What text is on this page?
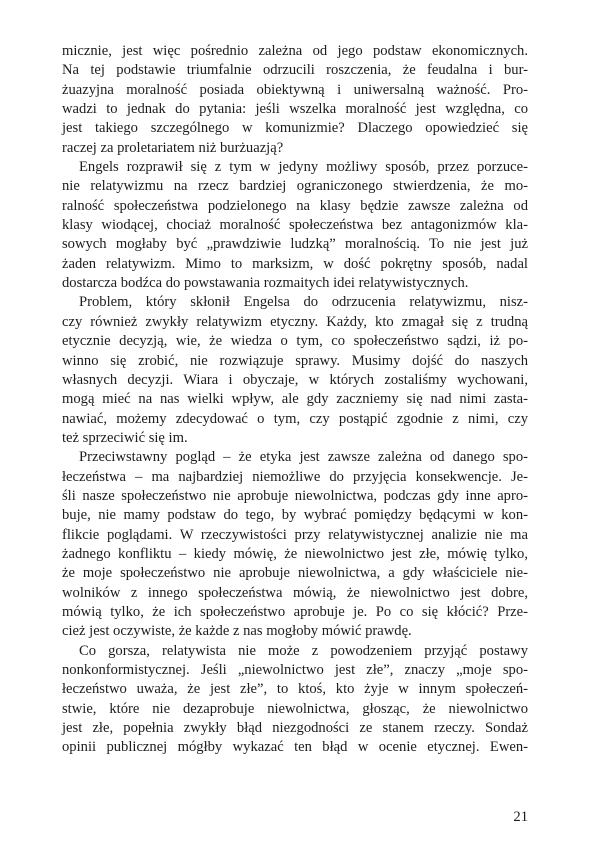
micznie, jest więc pośrednio zależna od jego podstaw ekonomicznych.
Na tej podstawie triumfalnie odrzucili roszczenia, że feudalna i bur-
żuazyjna moralność posiada obiektywną i uniwersalną ważność. Pro-
wadzi to jednak do pytania: jeśli wszelka moralność jest względna, co
jest takiego szczególnego w komunizmie? Dlaczego opowiedzieć się
raczej za proletariatem niż burżuazją?

Engels rozprawił się z tym w jedyny możliwy sposób, przez porzuce-
nie relatywizmu na rzecz bardziej ograniczonego stwierdzenia, że mo-
ralność społeczeństwa podzielonego na klasy będzie zawsze zależna od
klasy wiodącej, chociaż moralność społeczeństwa bez antagonizmów kla-
sowych mogłaby być „prawdziwie ludzką” moralnością. To nie jest już
żaden relatywizm. Mimo to marksizm, w dość pokrętny sposób, nadal
dostarcza bodźca do powstawania rozmaitych idei relatywistycznych.

Problem, który skłonił Engelsa do odrzucenia relatywizmu, nisz-
czy również zwykły relatywizm etyczny. Każdy, kto zmagał się z trudną
etycznie decyzją, wie, że wiedza o tym, co społeczeństwo sądzi, iż po-
winno się zrobić, nie rozwiązuje sprawy. Musimy dojść do naszych
własnych decyzji. Wiara i obyczaje, w których zostaliśmy wychowani,
mogą mieć na nas wielki wpływ, ale gdy zaczniemy się nad nimi zasta-
nawiać, możemy zdecydować o tym, czy postąpić zgodnie z nimi, czy
też sprzeciwić się im.

Przeciwstawny pogląd – że etyka jest zawsze zależna od danego spo-
łeczeństwa – ma najbardziej niemożliwe do przyjęcia konsekwencje. Je-
śli nasze społeczeństwo nie aprobuje niewolnictwa, podczas gdy inne apro-
buje, nie mamy podstaw do tego, by wybrać pomiędzy będącymi w kon-
flikcie poglądami. W rzeczywistości przy relatywistycznej analizie nie ma
żadnego konfliktu – kiedy mówię, że niewolnictwo jest złe, mówię tylko,
że moje społeczeństwo nie aprobuje niewolnictwa, a gdy właściciele nie-
wolników z innego społeczeństwa mówią, że niewolnictwo jest dobre,
mówią tylko, że ich społeczeństwo aprobuje je. Po co się kłócić? Prze-
cież jest oczywiste, że każde z nas mogłoby mówić prawdę.

Co gorsza, relatywista nie może z powodzeniem przyjąć postawy
nonkonformistycznej. Jeśli „niewolnictwo jest złe”, znaczy „moje spo-
łeczeństwo uważa, że jest złe”, to ktoś, kto żyje w innym społeczeń-
stwie, które nie dezaprobuje niewolnictwa, głosząc, że niewolnictwo
jest złe, popełnia zwykły błąd niezgodności ze stanem rzeczy. Sondaż
opinii publicznej mógłby wykazać ten błąd w ocenie etycznej. Ewen-

21
